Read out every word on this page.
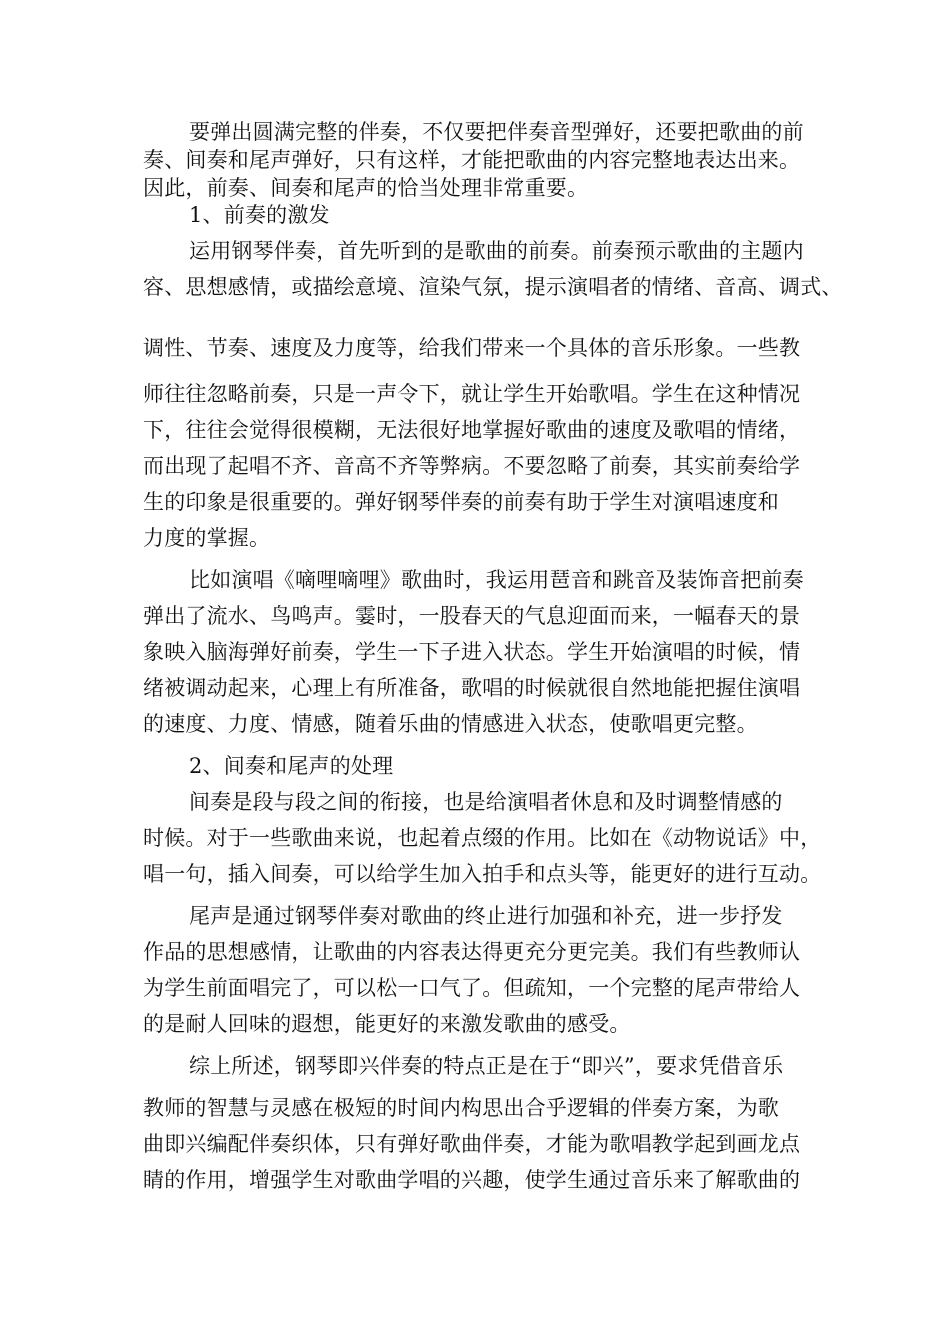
要弹出圆满完整的伴奏，不仅要把伴奏音型弹好，还要把歌曲的前
奏、间奏和尾声弹好，只有这样，才能把歌曲的内容完整地表达出来。
因此，前奏、间奏和尾声的恰当处理非常重要。
1、前奏的激发
运用钢琴伴奏，首先听到的是歌曲的前奏。前奏预示歌曲的主题内
容、思想感情，或描绘意境、渲染气氛，提示演唱者的情绪、音高、调式、
调性、节奏、速度及力度等，给我们带来一个具体的音乐形象。一些教
师往往忽略前奏，只是一声令下，就让学生开始歌唱。学生在这种情况
下，往往会觉得很模糊，无法很好地掌握好歌曲的速度及歌唱的情绪，
而出现了起唱不齐、音高不齐等弊病。不要忽略了前奏，其实前奏给学
生的印象是很重要的。弹好钢琴伴奏的前奏有助于学生对演唱速度和
力度的掌握。
比如演唱《嘀哩嘀哩》歌曲时，我运用琶音和跳音及装饰音把前奏
弹出了流水、鸟鸣声。霎时，一股春天的气息迎面而来，一幅春天的景
象映入脑海弹好前奏，学生一下子进入状态。学生开始演唱的时候，情
绪被调动起来，心理上有所准备，歌唱的时候就很自然地能把握住演唱
的速度、力度、情感，随着乐曲的情感进入状态，使歌唱更完整。
2、间奏和尾声的处理
间奏是段与段之间的衔接，也是给演唱者休息和及时调整情感的
时候。对于一些歌曲来说，也起着点缀的作用。比如在《动物说话》中，
唱一句，插入间奏，可以给学生加入拍手和点头等，能更好的进行互动。
尾声是通过钢琴伴奏对歌曲的终止进行加强和补充，进一步抒发
作品的思想感情，让歌曲的内容表达得更充分更完美。我们有些教师认
为学生前面唱完了，可以松一口气了。但疏知，一个完整的尾声带给人
的是耐人回味的遐想，能更好的来激发歌曲的感受。
综上所述，钢琴即兴伴奏的特点正是在于“即兴”，要求凭借音乐
教师的智慧与灵感在极短的时间内构思出合乎逻辑的伴奏方案，为歌
曲即兴编配伴奏织体，只有弹好歌曲伴奏，才能为歌唱教学起到画龙点
睛的作用，增强学生对歌曲学唱的兴趣，使学生通过音乐来了解歌曲的
